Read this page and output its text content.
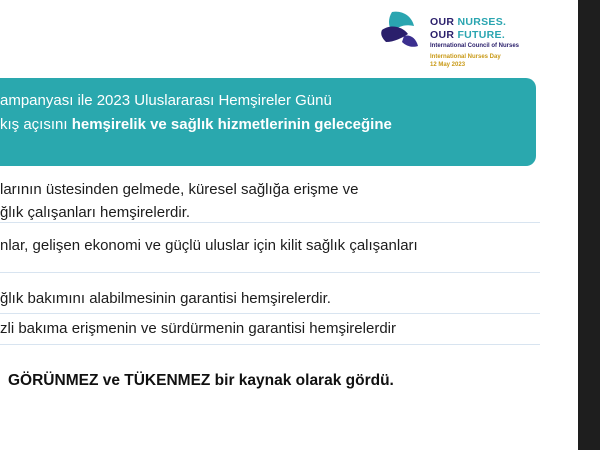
OUR NURSES.
OUR FUTURE.
International Council of Nurses
International Nurses Day
12 May 2023
ampanyası ile 2023 Uluslararası Hemşireler Günü
kış açısını hemşirelik ve sağlık hizmetlerinin geleceğine
larının üstesinden gelmede, küresel sağlığa erişme ve
ğlık çalışanları hemşirelerdir.
nlar, gelişen ekonomi ve güçlü uluslar için kilit sağlık çalışanları
ğlık bakımını alabilmesinin garantisi hemşirelerdir.
zli bakıma erişmenin ve sürdürmenin garantisi hemşirelerdir
GÖRÜNMEZ ve TÜKENMEZ bir kaynak olarak gördü.
